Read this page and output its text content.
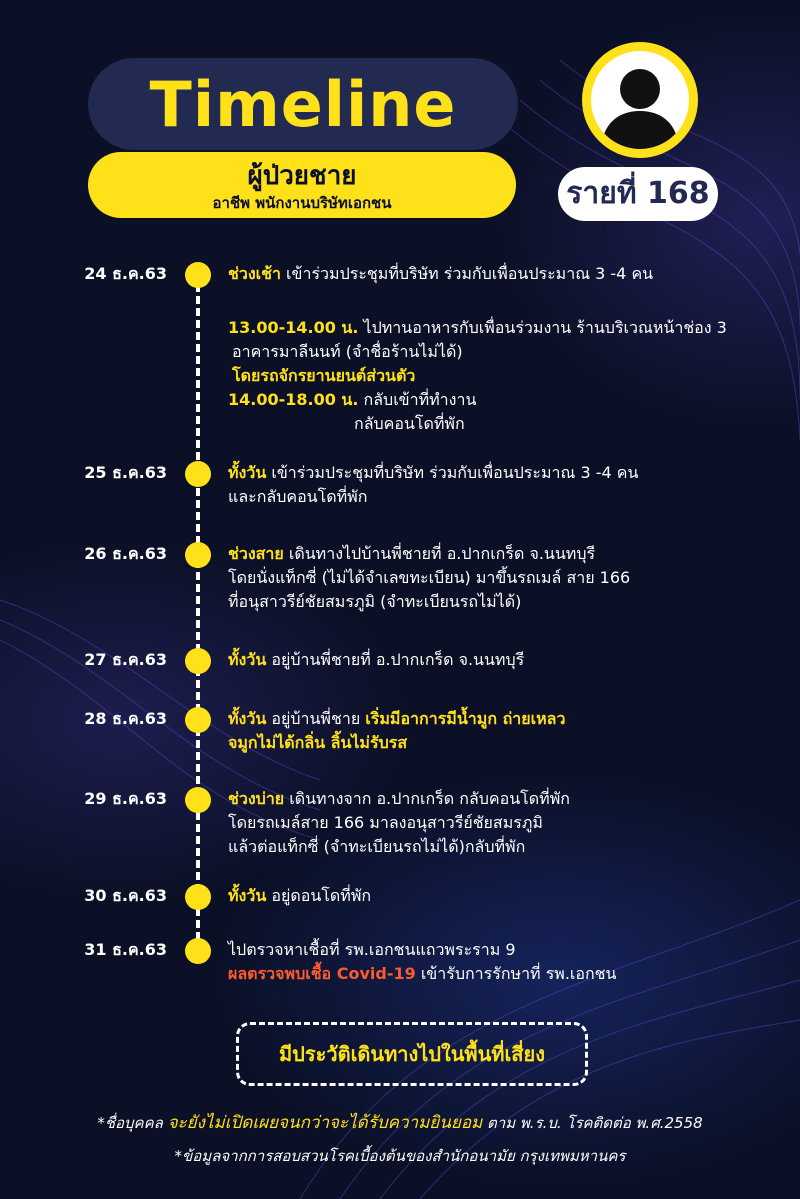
Timeline
ผู้ป่วยชาย
อาชีพ พนักงานบริษัทเอกชน	รายที่ 168
24 ธ.ค.63	ช่วงเช้า เข้าร่วมประชุมที่บริษัท ร่วมกับเพื่อนประมาณ 3 -4 คน
13.00-14.00 น. ไปทานอาหารกับเพื่อนร่วมงาน ร้านบริเวณหน้าช่อง 3
อาคารมาลีนนท์ (จำชื่อร้านไม่ได้)
โดยรถจักรยานยนต์ส่วนตัว
14.00-18.00 น. กลับเข้าที่ทำงาน
กลับคอนโดที่พัก
25 ธ.ค.63	ทั้งวัน เข้าร่วมประชุมที่บริษัท ร่วมกับเพื่อนประมาณ 3 -4 คน
และกลับคอนโดที่พัก
26 ธ.ค.63	ช่วงสาย เดินทางไปบ้านพี่ชายที่ อ.ปากเกร็ด จ.นนทบุรี
โดยนั่งแท็กซี่ (ไม่ได้จำเลขทะเบียน) มาขึ้นรถเมล์ สาย 166
ที่อนุสาวรีย์ชัยสมรภูมิ (จำทะเบียนรถไม่ได้)
27 ธ.ค.63	ทั้งวัน อยู่บ้านพี่ชายที่ อ.ปากเกร็ด จ.นนทบุรี
28 ธ.ค.63	ทั้งวัน อยู่บ้านพี่ชาย เริ่มมีอาการมีน้ำมูก ถ่ายเหลว
จมูกไม่ได้กลิ่น ลิ้นไม่รับรส
29 ธ.ค.63	ช่วงบ่าย เดินทางจาก อ.ปากเกร็ด กลับคอนโดที่พัก
โดยรถเมล์สาย 166 มาลงอนุสาวรีย์ชัยสมรภูมิ
แล้วต่อแท็กซี่ (จำทะเบียนรถไม่ได้)กลับที่พัก
30 ธ.ค.63	ทั้งวัน อยู่ดอนโดที่พัก
31 ธ.ค.63	ไปตรวจหาเชื้อที่ รพ.เอกชนแถวพระราม 9
ผลตรวจพบเชื้อ Covid-19 เข้ารับการรักษาที่ รพ.เอกชน
มีประวัติเดินทางไปในพื้นที่เสี่ยง
*ชื่อบุคคล จะยังไม่เปิดเผยจนกว่าจะได้รับความยินยอม ตาม พ.ร.บ. โรคติดต่อ พ.ศ.2558
*ข้อมูลจากการสอบสวนโรคเบื้องต้นของสำนักอนามัย กรุงเทพมหานคร
